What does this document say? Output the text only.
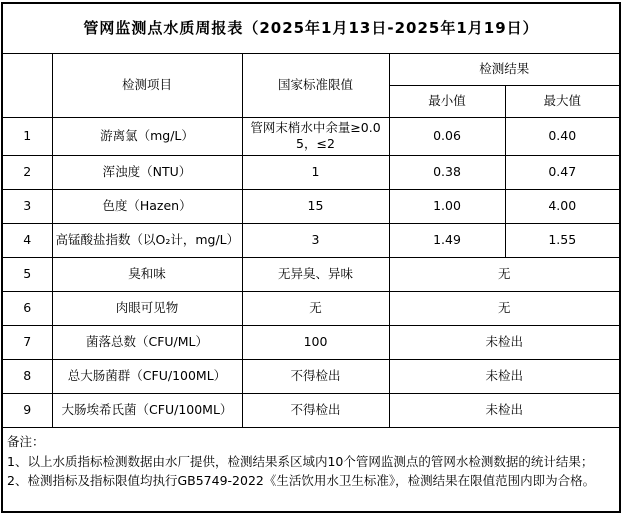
管网监测点水质周报表（2025年1月13日-2025年1月19日）				
	检测项目	国家标准限值	检测结果	
			最小值	最大值
1	游离氯（mg/L）	管网末梢水中余量≥0.05，≤2	0.06	0.40
2	浑浊度（NTU）	1	0.38	0.47
3	色度（Hazen）	15	1.00	4.00
4	高锰酸盐指数（以O₂计，mg/L）	3	1.49	1.55
5	臭和味	无异臭、异味	无	
6	肉眼可见物	无	无	
7	菌落总数（CFU/ML）	100	未检出	
8	总大肠菌群（CFU/100ML）	不得检出	未检出	
9	大肠埃希氏菌（CFU/100ML）	不得检出	未检出	

备注：
1、以上水质指标检测数据由水厂提供，检测结果系区域内10个管网监测点的管网水检测数据的统计结果；
2、检测指标及指标限值均执行GB5749-2022《生活饮用水卫生标准》，检测结果在限值范围内即为合格。				
